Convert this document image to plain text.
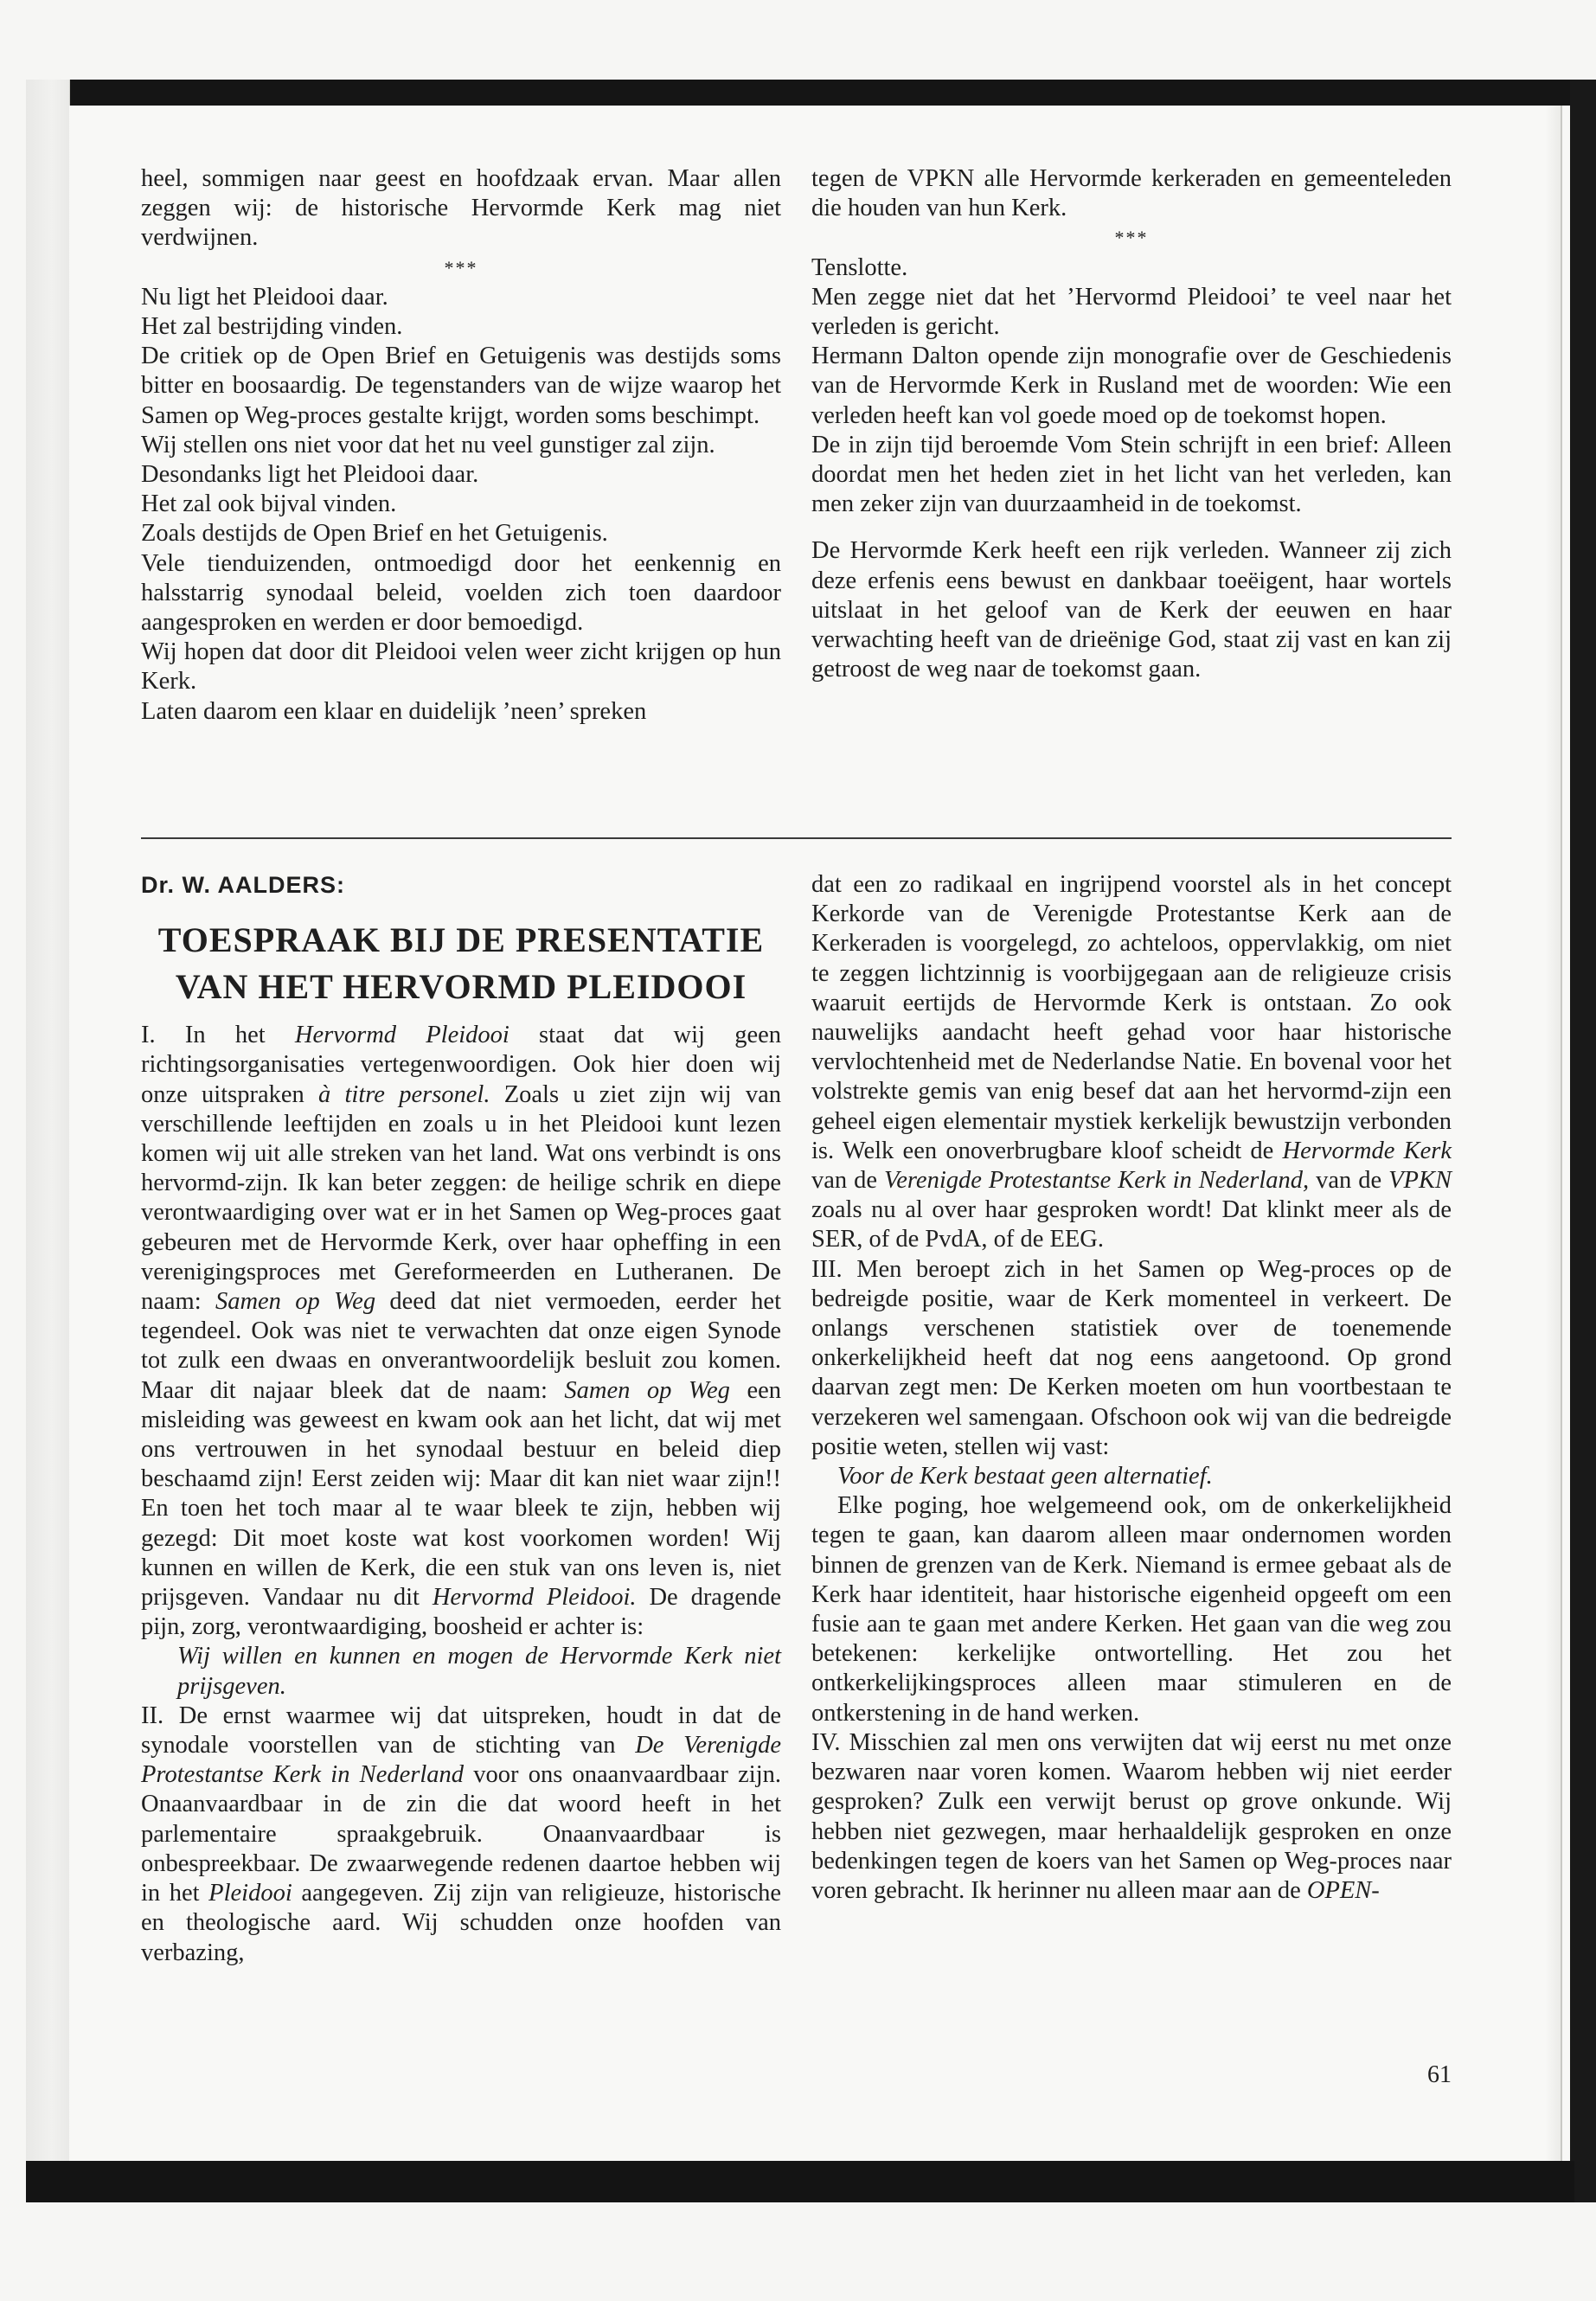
heel, sommigen naar geest en hoofdzaak ervan. Maar allen zeggen wij: de historische Hervormde Kerk mag niet verdwijnen.

***

Nu ligt het Pleidooi daar.

Het zal bestrijding vinden.

De critiek op de Open Brief en Getuigenis was destijds soms bitter en boosaardig. De tegenstanders van de wijze waarop het Samen op Weg-proces gestalte krijgt, worden soms beschimpt.

Wij stellen ons niet voor dat het nu veel gunstiger zal zijn.

Desondanks ligt het Pleidooi daar.

Het zal ook bijval vinden.

Zoals destijds de Open Brief en het Getuigenis.

Vele tienduizenden, ontmoedigd door het eenkennig en halsstarrig synodaal beleid, voelden zich toen daardoor aangesproken en werden er door bemoedigd.

Wij hopen dat door dit Pleidooi velen weer zicht krijgen op hun Kerk.

Laten daarom een klaar en duidelijk ’neen’ spreken

tegen de VPKN alle Hervormde kerkeraden en gemeenteleden die houden van hun Kerk.

***

Tenslotte.

Men zegge niet dat het ’Hervormd Pleidooi’ te veel naar het verleden is gericht.

Hermann Dalton opende zijn monografie over de Geschiedenis van de Hervormde Kerk in Rusland met de woorden: Wie een verleden heeft kan vol goede moed op de toekomst hopen.

De in zijn tijd beroemde Vom Stein schrijft in een brief: Alleen doordat men het heden ziet in het licht van het verleden, kan men zeker zijn van duurzaamheid in de toekomst.

De Hervormde Kerk heeft een rijk verleden. Wanneer zij zich deze erfenis eens bewust en dankbaar toeëigent, haar wortels uitslaat in het geloof van de Kerk der eeuwen en haar verwachting heeft van de drieënige God, staat zij vast en kan zij getroost de weg naar de toekomst gaan.

Dr. W. AALDERS:

TOESPRAAK BIJ DE PRESENTATIE
VAN HET HERVORMD PLEIDOOI

I. In het Hervormd Pleidooi staat dat wij geen richtingsorganisaties vertegenwoordigen. Ook hier doen wij onze uitspraken à titre personel. Zoals u ziet zijn wij van verschillende leeftijden en zoals u in het Pleidooi kunt lezen komen wij uit alle streken van het land. Wat ons verbindt is ons hervormd-zijn. Ik kan beter zeggen: de heilige schrik en diepe verontwaardiging over wat er in het Samen op Weg-proces gaat gebeuren met de Hervormde Kerk, over haar opheffing in een verenigingsproces met Gereformeerden en Lutheranen. De naam: Samen op Weg deed dat niet vermoeden, eerder het tegendeel. Ook was niet te verwachten dat onze eigen Synode tot zulk een dwaas en onverantwoordelijk besluit zou komen. Maar dit najaar bleek dat de naam: Samen op Weg een misleiding was geweest en kwam ook aan het licht, dat wij met ons vertrouwen in het synodaal bestuur en beleid diep beschaamd zijn! Eerst zeiden wij: Maar dit kan niet waar zijn!! En toen het toch maar al te waar bleek te zijn, hebben wij gezegd: Dit moet koste wat kost voorkomen worden! Wij kunnen en willen de Kerk, die een stuk van ons leven is, niet prijsgeven. Vandaar nu dit Hervormd Pleidooi. De dragende pijn, zorg, verontwaardiging, boosheid er achter is:

Wij willen en kunnen en mogen de Hervormde Kerk niet prijsgeven.

II. De ernst waarmee wij dat uitspreken, houdt in dat de synodale voorstellen van de stichting van De Verenigde Protestantse Kerk in Nederland voor ons onaanvaardbaar zijn. Onaanvaardbaar in de zin die dat woord heeft in het parlementaire spraakgebruik. Onaanvaardbaar is onbespreekbaar. De zwaarwegende redenen daartoe hebben wij in het Pleidooi aangegeven. Zij zijn van religieuze, historische en theologische aard. Wij schudden onze hoofden van verbazing,

dat een zo radikaal en ingrijpend voorstel als in het concept Kerkorde van de Verenigde Protestantse Kerk aan de Kerkeraden is voorgelegd, zo achteloos, oppervlakkig, om niet te zeggen lichtzinnig is voorbijgegaan aan de religieuze crisis waaruit eertijds de Hervormde Kerk is ontstaan. Zo ook nauwelijks aandacht heeft gehad voor haar historische vervlochtenheid met de Nederlandse Natie. En bovenal voor het volstrekte gemis van enig besef dat aan het hervormd-zijn een geheel eigen elementair mystiek kerkelijk bewustzijn verbonden is. Welk een onoverbrugbare kloof scheidt de Hervormde Kerk van de Verenigde Protestantse Kerk in Nederland, van de VPKN zoals nu al over haar gesproken wordt! Dat klinkt meer als de SER, of de PvdA, of de EEG.

III. Men beroept zich in het Samen op Weg-proces op de bedreigde positie, waar de Kerk momenteel in verkeert. De onlangs verschenen statistiek over de toenemende onkerkelijkheid heeft dat nog eens aangetoond. Op grond daarvan zegt men: De Kerken moeten om hun voortbestaan te verzekeren wel samengaan. Ofschoon ook wij van die bedreigde positie weten, stellen wij vast:

Voor de Kerk bestaat geen alternatief.

Elke poging, hoe welgemeend ook, om de onkerkelijkheid tegen te gaan, kan daarom alleen maar ondernomen worden binnen de grenzen van de Kerk. Niemand is ermee gebaat als de Kerk haar identiteit, haar historische eigenheid opgeeft om een fusie aan te gaan met andere Kerken. Het gaan van die weg zou betekenen: kerkelijke ontwortelling. Het zou het ontkerkelijkingsproces alleen maar stimuleren en de ontkerstening in de hand werken.

IV. Misschien zal men ons verwijten dat wij eerst nu met onze bezwaren naar voren komen. Waarom hebben wij niet eerder gesproken? Zulk een verwijt berust op grove onkunde. Wij hebben niet gezwegen, maar herhaaldelijk gesproken en onze bedenkingen tegen de koers van het Samen op Weg-proces naar voren gebracht. Ik herinner nu alleen maar aan de OPEN-

61
